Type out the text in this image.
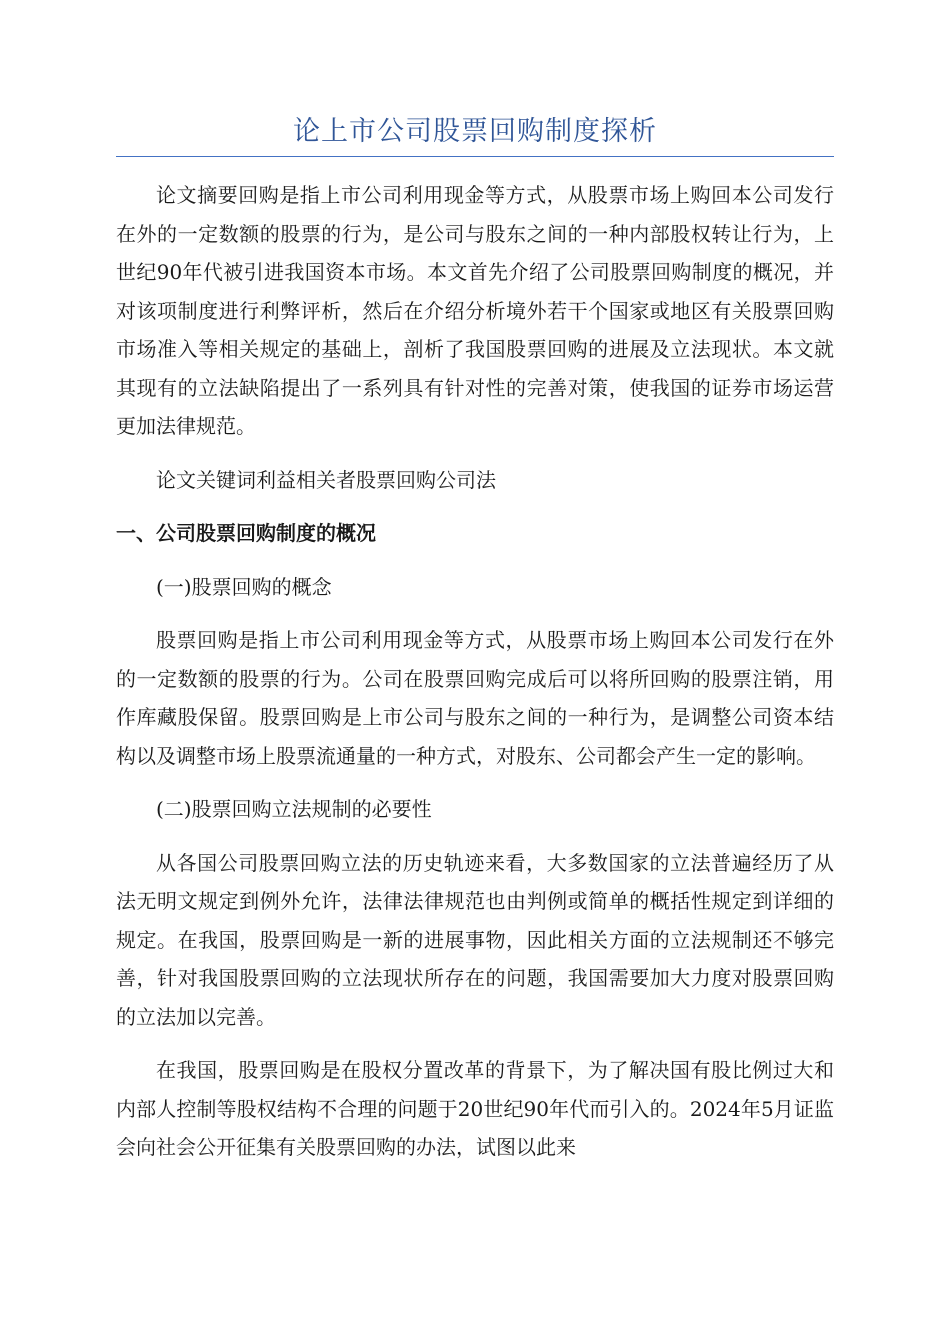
论上市公司股票回购制度探析

论文摘要回购是指上市公司利用现金等方式，从股票市场上购回本公司发行在外的一定数额的股票的行为，是公司与股东之间的一种内部股权转让行为，上世纪90年代被引进我国资本市场。本文首先介绍了公司股票回购制度的概况，并对该项制度进行利弊评析，然后在介绍分析境外若干个国家或地区有关股票回购市场准入等相关规定的基础上，剖析了我国股票回购的进展及立法现状。本文就其现有的立法缺陷提出了一系列具有针对性的完善对策，使我国的证券市场运营更加法律规范。

论文关键词利益相关者股票回购公司法

一、公司股票回购制度的概况

(一)股票回购的概念

股票回购是指上市公司利用现金等方式，从股票市场上购回本公司发行在外的一定数额的股票的行为。公司在股票回购完成后可以将所回购的股票注销，用作库藏股保留。股票回购是上市公司与股东之间的一种行为，是调整公司资本结构以及调整市场上股票流通量的一种方式，对股东、公司都会产生一定的影响。

(二)股票回购立法规制的必要性

从各国公司股票回购立法的历史轨迹来看，大多数国家的立法普遍经历了从法无明文规定到例外允许，法律法律规范也由判例或简单的概括性规定到详细的规定。在我国，股票回购是一新的进展事物，因此相关方面的立法规制还不够完善，针对我国股票回购的立法现状所存在的问题，我国需要加大力度对股票回购的立法加以完善。

在我国，股票回购是在股权分置改革的背景下，为了解决国有股比例过大和内部人控制等股权结构不合理的问题于20世纪90年代而引入的。2024年5月证监会向社会公开征集有关股票回购的办法，试图以此来
